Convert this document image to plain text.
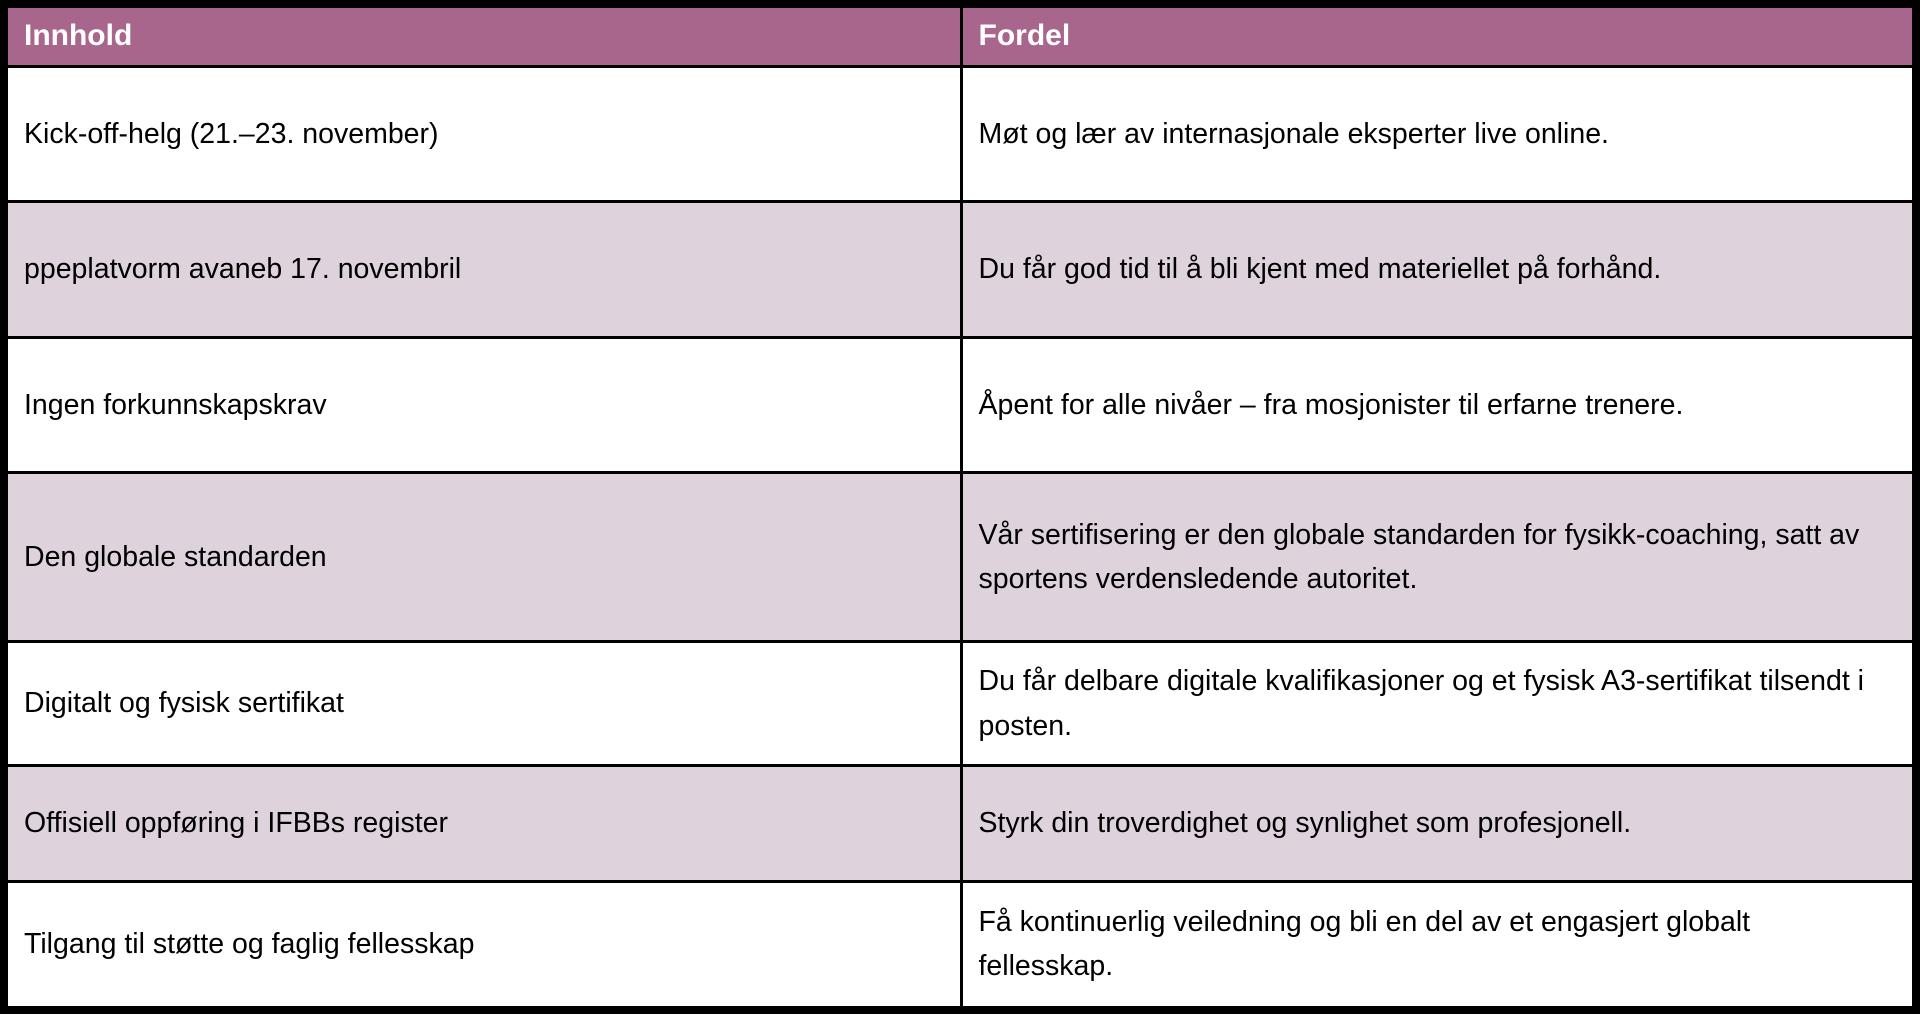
Innhold	Fordel
Kick-off-helg (21.–23. november)	Møt og lær av internasjonale eksperter live online.
ppeplatvorm avaneb 17. novembril	Du får god tid til å bli kjent med materiellet på forhånd.
Ingen forkunnskapskrav	Åpent for alle nivåer – fra mosjonister til erfarne trenere.
Den globale standarden	Vår sertifisering er den globale standarden for fysikk-coaching, satt av sportens verdensledende autoritet.
Digitalt og fysisk sertifikat	Du får delbare digitale kvalifikasjoner og et fysisk A3-sertifikat tilsendt i posten.
Offisiell oppføring i IFBBs register	Styrk din troverdighet og synlighet som profesjonell.
Tilgang til støtte og faglig fellesskap	Få kontinuerlig veiledning og bli en del av et engasjert globalt fellesskap.
